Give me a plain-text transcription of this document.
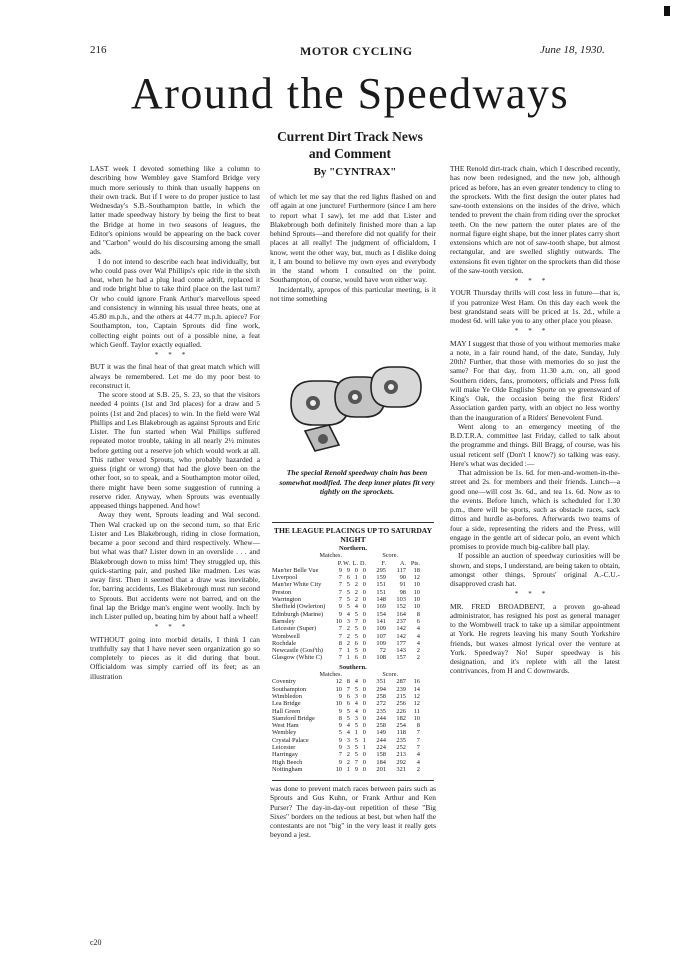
216	MOTOR CYCLING	June 18, 1930.
Around the Speedways
Current Dirt Track News and Comment
By "CYNTRAX"

LAST week I devoted something like a column to describing how Wembley gave Stamford Bridge very much more seriously to think than usually happens on their own track. But if I were to do proper justice to last Wednesday's S.B.-Southampton battle, in which the latter made speedway history by being the first to beat the Bridge at home in two seasons of leagues, the Editor's opinions would be appearing on the back cover and "Carbon" would do his discoursing among the small ads.

I do not intend to describe each heat individually, but who could pass over Wal Phillips's epic ride in the sixth heat, when he had a plug lead come adrift, replaced it and rode bright blue to take third place on the last turn? Or who could ignore Frank Arthur's marvellous speed and consistency in winning his usual three heats, one at 45.80 m.p.h., and the others at 44.77 m.p.h. apiece? For Southampton, too, Captain Sprouts did fine work, collecting eight points out of a possible nine, a feat which Geoff. Taylor exactly equalled.

***

BUT it was the final heat of that great match which will always be remembered. Let me do my poor best to reconstruct it.

The score stood at S.B. 25, S. 23, so that the visitors needed 4 points (1st and 3rd places) for a draw and 5 points (1st and 2nd places) to win. In the field were Wal Phillips and Les Blakebrough as against Sprouts and Eric Lister. The fun started when Wal Phillips suffered repeated motor trouble, taking in all nearly 2½ minutes before getting out a reserve job which would work at all. This rather vexed Sprouts, who probably hazarded a guess (right or wrong) that had the glove been on the other foot, so to speak, and a Southampton motor oiled, there might have been some suggestion of running a reserve rider. Anyway, when Sprouts was eventually appeased things happened. And how!

Away they went, Sprouts leading and Wal second. Then Wal cracked up on the second turn, so that Eric Lister and Les Blakebrough, riding in close formation, became a poor second and third respectively. Whew—but what was that? Lister down in an overslide . . . and Blakebrough down to miss him! They struggled up, this quick-starting pair, and pushed like madmen. Les was away first. Then it seemed that a draw was inevitable, for, barring accidents, Les Blakebrough must run second to Sprouts. But accidents were not barred, and on the final lap the Bridge man's engine went woolly. Inch by inch Lister pulled up, beating him by about half a wheel!

***

WITHOUT going into morbid details, I think I can truthfully say that I have never seen organization go so completely to pieces as it did during that bout. Officialdom was simply carried off its feet; as an illustration

of which let me say that the red lights flashed on and off again at one juncture! Furthermore (since I am here to report what I saw), let me add that Lister and Blakebrough both definitely finished more than a lap behind Sprouts—and therefore did not qualify for their places at all really! The judgment of officialdom, I know, went the other way, but, much as I dislike doing it, I am bound to believe my own eyes and everybody in the stand whom I consulted on the point. Southampton, of course, would have won either way.

Incidentally, apropos of this particular meeting, is it not time something

The special Renold speedway chain has been somewhat modified. The deep inner plates fit very tightly on the sprockets.
THE LEAGUE PLACINGS UP TO SATURDAY NIGHT
Northern.
Matches.	Score.
P. W. L. D.	F.	A. Pts.
Man'ter Belle Vue	9 9 0 0	295	117	18
Liverpool	7 6 1 0	159	90	12
Man'ter White City	7 5 2 0	151	91	10
Preston	7 5 2 0	151	98	10
Warrington	7 5 2 0	148	103	10
Sheffield (Owlerton)	9 5 4 0	169	152	10
Edinburgh (Marine)	9 4 5 0	154	164	8
Barnsley	10 3 7 0	141	237	6
Leicester (Super)	7 2 5 0	109	142	4
Wombwell	7 2 5 0	107	142	4
Rochdale	8 2 6 0	109	177	4
Newcastle (Gosf'th)	7 1 5 0	72	143	2
Glasgow (White C)	7 1 6 0	108	157	2
Southern.
Matches.	Score.
Coventry	12 8 4 0	351	287	16
Southampton	10 7 5 0	294	239	14
Wimbledon	9 6 3 0	258	215	12
Lea Bridge	10 6 4 0	272	256	12
Hall Green	9 5 4 0	235	226	11
Stamford Bridge	8 5 3 0	244	182	10
West Ham	9 4 5 0	258	254	8
Wembley	5 4 1 0	149	118	7
Crystal Palace	9 3 5 1	244	235	7
Leicester	9 3 5 1	224	252	7
Harringay	7 2 5 0	158	213	4
High Beech	9 2 7 0	184	292	4
Nottingham	10 1 9 0	201	321	2

was done to prevent match races between pairs such as Sprouts and Gus Kuhn, or Frank Arthur and Ken Purser? The day-in-day-out repetition of these "Big Sixes" borders on the tedious at best, but when half the contestants are not "big" in the very least it really gets beyond a jest.

THE Renold dirt-track chain, which I described recently, has now been redesigned, and the new job, although priced as before, has an even greater tendency to cling to the sprockets. With the first design the outer plates had saw-tooth extensions on the insides of the drive, which tended to prevent the chain from riding over the sprocket teeth. On the new pattern the outer plates are of the normal figure eight shape, but the inner plates carry short extensions which are not of saw-tooth shape, but almost rectangular, and are swelled slightly outwards. The extensions fit even tighter on the sprockets than did those of the saw-tooth version.

***

YOUR Thursday thrills will cost less in future—that is, if you patronize West Ham. On this day each week the best grandstand seats will be priced at 1s. 2d., while a modest 6d. will take you to any other place you please.

***

MAY I suggest that those of you without memories make a note, in a fair round hand, of the date, Sunday, July 20th? Further, that those with memories do so just the same? For that day, from 11.30 a.m. on, all good Southern riders, fans, promoters, officials and Press folk will make Ye Olde Englishe Sporte on ye greensward of King's Oak, the occasion being the first Riders' Association garden party, with an object no less worthy than the inauguration of a Riders' Benevolent Fund.

Went along to an emergency meeting of the B.D.T.R.A. committee last Friday, called to talk about the programme and things. Bill Bragg, of course, was his usual reticent self (Don't I know?) so talking was easy. Here's what was decided :—

That admission be 1s. 6d. for men-and-women-in-the-street and 2s. for members and their friends. Lunch—a good one—will cost 3s. 6d., and tea 1s. 6d. Now as to the events. Before lunch, which is scheduled for 1.30 p.m., there will be sports, such as obstacle races, sack dittos and hurdle as-befores. Afterwards two teams of four a side, representing the riders and the Press, will engage in the gentle art of sidecar polo, an event which promises to provide much big-calibre ball play.

If possible an auction of speedway curiosities will be shown, and steps, I understand, are being taken to obtain, amongst other things, Sprouts' original A.-C.U.-disapproved crash hat.

***

MR. FRED BROADBENT, a proven go-ahead administrator, has resigned his post as general manager to the Wombwell track to take up a similar appointment at York. He regrets leaving his many South Yorkshire friends, but waxes almost lyrical over the venture at York. Speedway? No! Super speedway is his designation, and it's replete with all the latest contrivances, from H and C downwards.

c20
